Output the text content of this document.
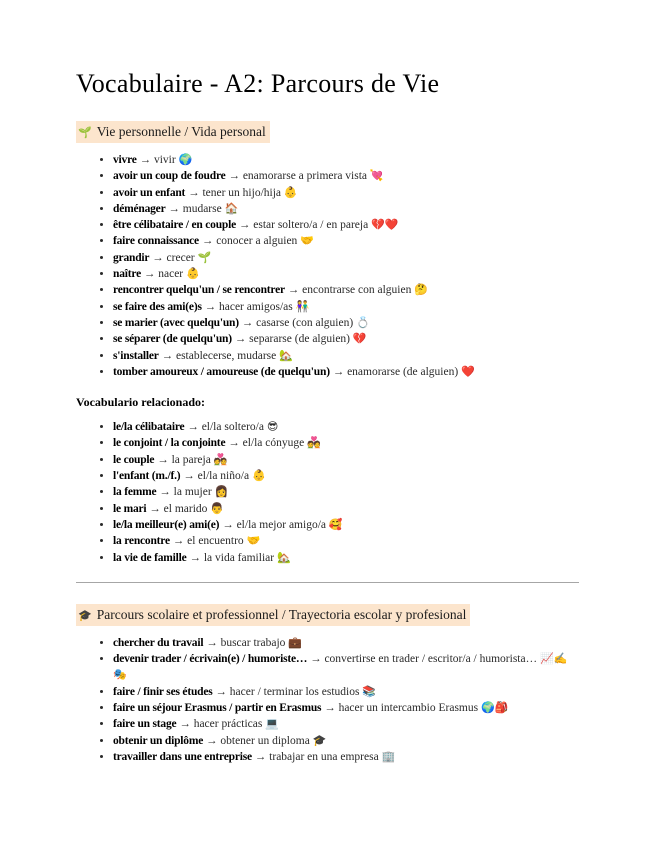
Vocabulaire - A2: Parcours de Vie
🌱 Vie personnelle / Vida personal
• vivre → vivir 🌍
• avoir un coup de foudre → enamorarse a primera vista 💘
• avoir un enfant → tener un hijo/hija 👶
• déménager → mudarse 🏠
• être célibataire / en couple → estar soltero/a / en pareja 💔❤️
• faire connaissance → conocer a alguien 🤝
• grandir → crecer 🌱
• naître → nacer 👶
• rencontrer quelqu'un / se rencontrer → encontrarse con alguien 🤔
• se faire des ami(e)s → hacer amigos/as 👫
• se marier (avec quelqu'un) → casarse (con alguien) 💍
• se séparer (de quelqu'un) → separarse (de alguien) 💔
• s'installer → establecerse, mudarse 🏡
• tomber amoureux / amoureuse (de quelqu'un) → enamorarse (de alguien) ❤️

Vocabulario relacionado:

• le/la célibataire → el/la soltero/a 😎
• le conjoint / la conjointe → el/la cónyuge 💑
• le couple → la pareja 💑
• l'enfant (m./f.) → el/la niño/a 👶
• la femme → la mujer 👩
• le mari → el marido 👨
• le/la meilleur(e) ami(e) → el/la mejor amigo/a 🥰
• la rencontre → el encuentro 🤝
• la vie de famille → la vida familiar 🏡
🎓 Parcours scolaire et professionnel / Trayectoria escolar y profesional
• chercher du travail → buscar trabajo 💼
• devenir trader / écrivain(e) / humoriste… → convertirse en trader / escritor/a / humorista… 📈✍️🎭
• faire / finir ses études → hacer / terminar los estudios 📚
• faire un séjour Erasmus / partir en Erasmus → hacer un intercambio Erasmus 🌍🎒
• faire un stage → hacer prácticas 💻
• obtenir un diplôme → obtener un diploma 🎓
• travailler dans une entreprise → trabajar en una empresa 🏢
